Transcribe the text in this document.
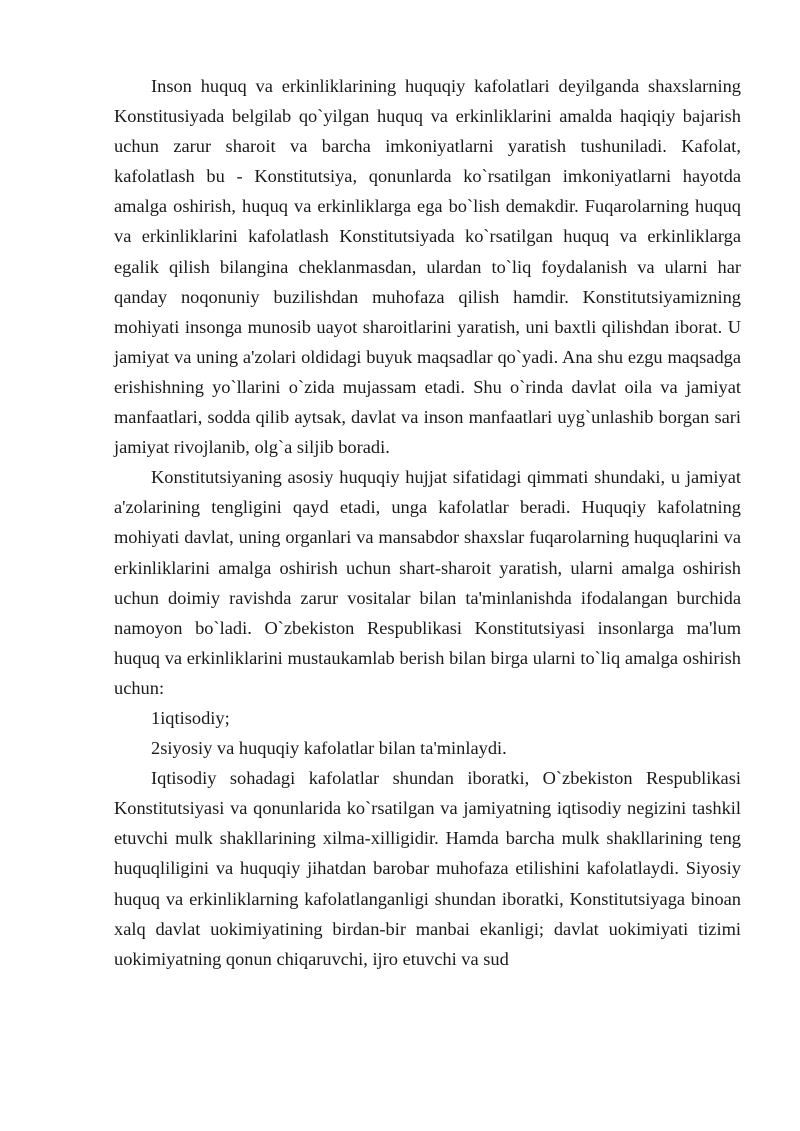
Inson huquq va erkinliklarining huquqiy kafolatlari deyilganda shaxslarning Konstitusiyada belgilab qo`yilgan huquq va erkinliklarini amalda haqiqiy bajarish uchun zarur sharoit va barcha imkoniyatlarni yaratish tushuniladi. Kafolat, kafolatlash bu - Konstitutsiya, qonunlarda ko`rsatilgan imkoniyatlarni hayotda amalga oshirish, huquq va erkinliklarga ega bo`lish demakdir. Fuqarolarning huquq va erkinliklarini kafolatlash Konstitutsiyada ko`rsatilgan huquq va erkinliklarga egalik qilish bilangina cheklanmasdan, ulardan to`liq foydalanish va ularni har qanday noqonuniy buzilishdan muhofaza qilish hamdir. Konstitutsiyamizning mohiyati insonga munosib uayot sharoitlarini yaratish, uni baxtli qilishdan iborat. U jamiyat va uning a'zolari oldidagi buyuk maqsadlar qo`yadi. Ana shu ezgu maqsadga erishishning yo`llarini o`zida mujassam etadi. Shu o`rinda davlat oila va jamiyat manfaatlari, sodda qilib aytsak, davlat va inson manfaatlari uyg`unlashib borgan sari jamiyat rivojlanib, olg`a siljib boradi.

Konstitutsiyaning asosiy huquqiy hujjat sifatidagi qimmati shundaki, u jamiyat a'zolarining tengligini qayd etadi, unga kafolatlar beradi. Huquqiy kafolatning mohiyati davlat, uning organlari va mansabdor shaxslar fuqarolarning huquqlarini va erkinliklarini amalga oshirish uchun shart-sharoit yaratish, ularni amalga oshirish uchun doimiy ravishda zarur vositalar bilan ta'minlanishda ifodalangan burchida namoyon bo`ladi. O`zbekiston Respublikasi Konstitutsiyasi insonlarga ma'lum huquq va erkinliklarini mustaukamlab berish bilan birga ularni to`liq amalga oshirish uchun:

1iqtisodiy;

2siyosiy va huquqiy kafolatlar bilan ta'minlaydi.

Iqtisodiy sohadagi kafolatlar shundan iboratki, O`zbekiston Respublikasi Konstitutsiyasi va qonunlarida ko`rsatilgan va jamiyatning iqtisodiy negizini tashkil etuvchi mulk shakllarining xilma-xilligidir. Hamda barcha mulk shakllarining teng huquqliligini va huquqiy jihatdan barobar muhofaza etilishini kafolatlaydi. Siyosiy huquq va erkinliklarning kafolatlanganligi shundan iboratki, Konstitutsiyaga binoan xalq davlat uokimiyatining birdan-bir manbai ekanligi; davlat uokimiyati tizimi uokimiyatning qonun chiqaruvchi, ijro etuvchi va sud
